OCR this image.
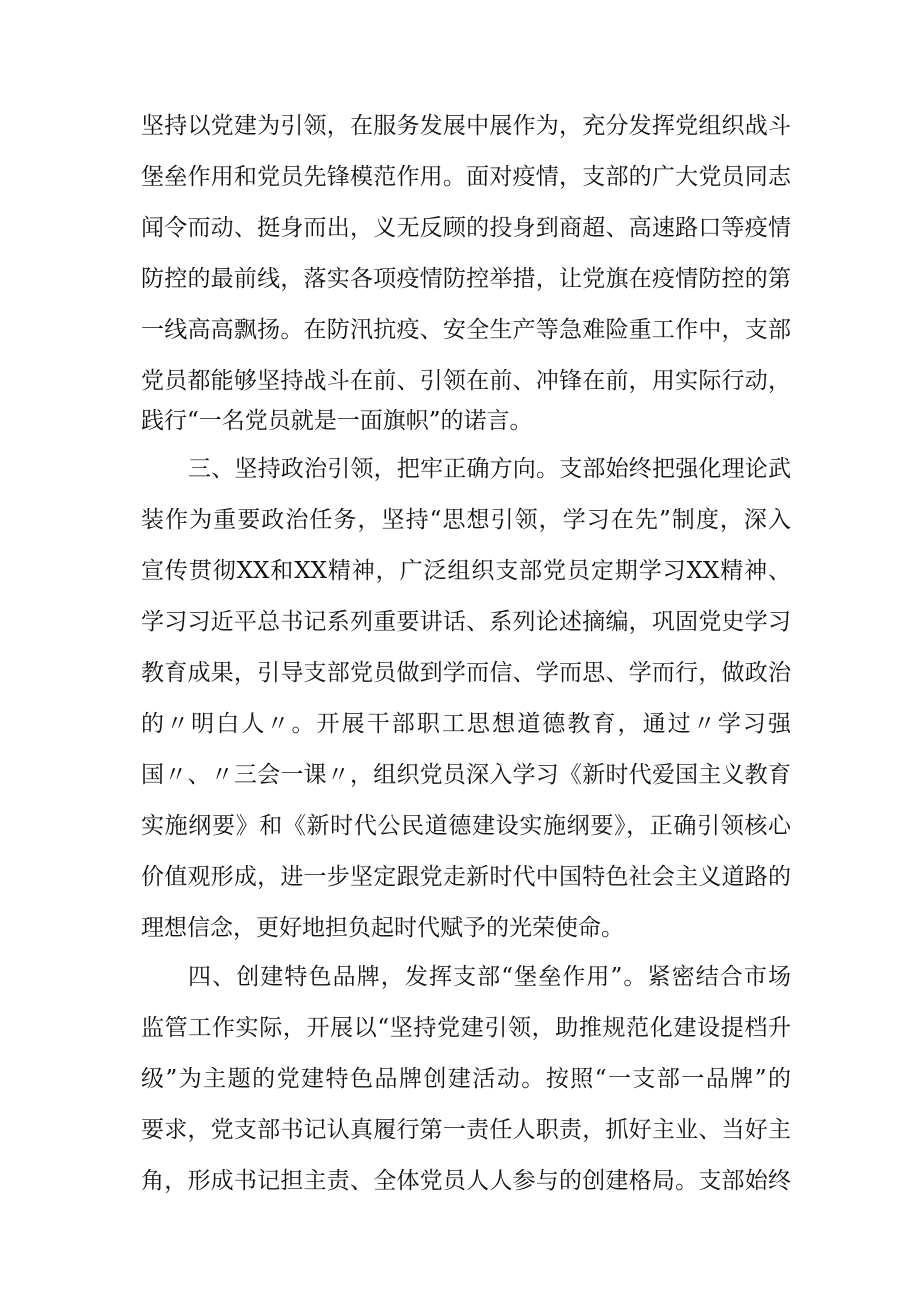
坚持以党建为引领，在服务发展中展作为，充分发挥党组织战斗
堡垒作用和党员先锋模范作用。面对疫情，支部的广大党员同志
闻令而动、挺身而出，义无反顾的投身到商超、高速路口等疫情
防控的最前线，落实各项疫情防控举措，让党旗在疫情防控的第
一线高高飘扬。在防汛抗疫、安全生产等急难险重工作中，支部
党员都能够坚持战斗在前、引领在前、冲锋在前，用实际行动，
践行“一名党员就是一面旗帜”的诺言。
三、坚持政治引领，把牢正确方向。支部始终把强化理论武
装作为重要政治任务，坚持“思想引领，学习在先”制度，深入
宣传贯彻XX和XX精神，广泛组织支部党员定期学习XX精神、
学习习近平总书记系列重要讲话、系列论述摘编，巩固党史学习
教育成果，引导支部党员做到学而信、学而思、学而行，做政治
的〃明白人〃。开展干部职工思想道德教育，通过〃学习强
国〃、〃三会一课〃，组织党员深入学习《新时代爱国主义教育
实施纲要》和《新时代公民道德建设实施纲要》，正确引领核心
价值观形成，进一步坚定跟党走新时代中国特色社会主义道路的
理想信念，更好地担负起时代赋予的光荣使命。
四、创建特色品牌，发挥支部“堡垒作用”。紧密结合市场
监管工作实际，开展以“坚持党建引领，助推规范化建设提档升
级”为主题的党建特色品牌创建活动。按照“一支部一品牌”的
要求，党支部书记认真履行第一责任人职责，抓好主业、当好主
角，形成书记担主责、全体党员人人参与的创建格局。支部始终
